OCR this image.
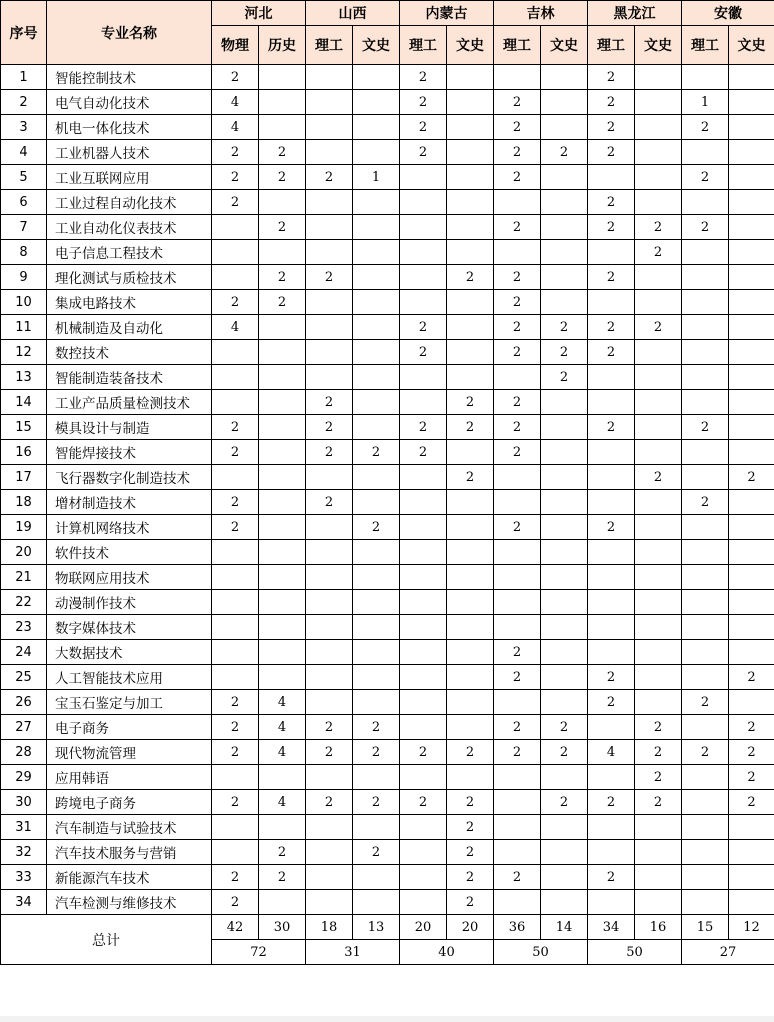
序号	专业名称	河北		山西		内蒙古		吉林		黑龙江		安徽	
		物理	历史	理工	文史	理工	文史	理工	文史	理工	文史	理工	文史
1	智能控制技术	2				2				2			
2	电气自动化技术	4				2		2		2		1	
3	机电一体化技术	4				2		2		2		2	
4	工业机器人技术	2	2			2		2	2	2			
5	工业互联网应用	2	2	2	1			2				2	
6	工业过程自动化技术	2								2			
7	工业自动化仪表技术		2					2		2	2	2	
8	电子信息工程技术										2		
9	理化测试与质检技术		2	2			2	2		2			
10	集成电路技术	2	2					2					
11	机械制造及自动化	4				2		2	2	2	2		
12	数控技术					2		2	2	2			
13	智能制造装备技术								2				
14	工业产品质量检测技术			2			2	2					
15	模具设计与制造	2		2		2	2	2		2		2	
16	智能焊接技术	2		2	2	2		2					
17	飞行器数字化制造技术						2				2		2
18	增材制造技术	2		2								2	
19	计算机网络技术	2			2			2		2			
20	软件技术												
21	物联网应用技术												
22	动漫制作技术												
23	数字媒体技术												
24	大数据技术							2					
25	人工智能技术应用							2		2			2
26	宝玉石鉴定与加工	2	4							2		2	
27	电子商务	2	4	2	2			2	2		2		2
28	现代物流管理	2	4	2	2	2	2	2	2	4	2	2	2
29	应用韩语										2		2
30	跨境电子商务	2	4	2	2	2	2		2	2	2		2
31	汽车制造与试验技术						2						
32	汽车技术服务与营销		2		2		2						
33	新能源汽车技术	2	2				2	2		2			
34	汽车检测与维修技术	2					2						
总计		42	30	18	13	20	20	36	14	34	16	15	12
		72		31		40		50		50		27	
